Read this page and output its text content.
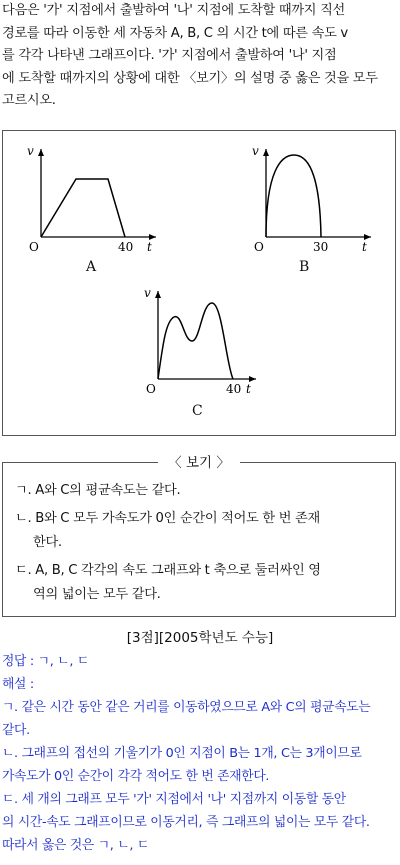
다음은 '가' 지점에서 출발하여 '나' 지점에 도착할 때까지 직선

경로를 따라 이동한 세 자동차 A, B, C 의 시간 t에 따른 속도 v

를 각각 나타낸 그래프이다. '가' 지점에서 출발하여 '나' 지점

에 도착할 때까지의 상황에 대한 〈보기〉의 설명 중 옳은 것을 모두

고르시오.

v
t
O	40
A
v
t
O	30
B
v
t
O	40
C
〈 보기 〉
ㄱ. A와 C의 평균속도는 같다.
ㄴ. B와 C 모두 가속도가 0인 순간이 적어도 한 번 존재
한다.
ㄷ. A, B, C 각각의 속도 그래프와 t 축으로 둘러싸인 영
역의 넓이는 모두 같다.
[3점][2005학년도 수능]

정답 : ㄱ, ㄴ, ㄷ

해설 :

ㄱ. 같은 시간 동안 같은 거리를 이동하였으므로 A와 C의 평균속도는

같다.

ㄴ. 그래프의 접선의 기울기가 0인 지점이 B는 1개, C는 3개이므로

가속도가 0인 순간이 각각 적어도 한 번 존재한다.

ㄷ. 세 개의 그래프 모두 '가' 지점에서 '나' 지점까지 이동할 동안

의 시간-속도 그래프이므로 이동거리, 즉 그래프의 넓이는 모두 같다.

따라서 옳은 것은 ㄱ, ㄴ, ㄷ
